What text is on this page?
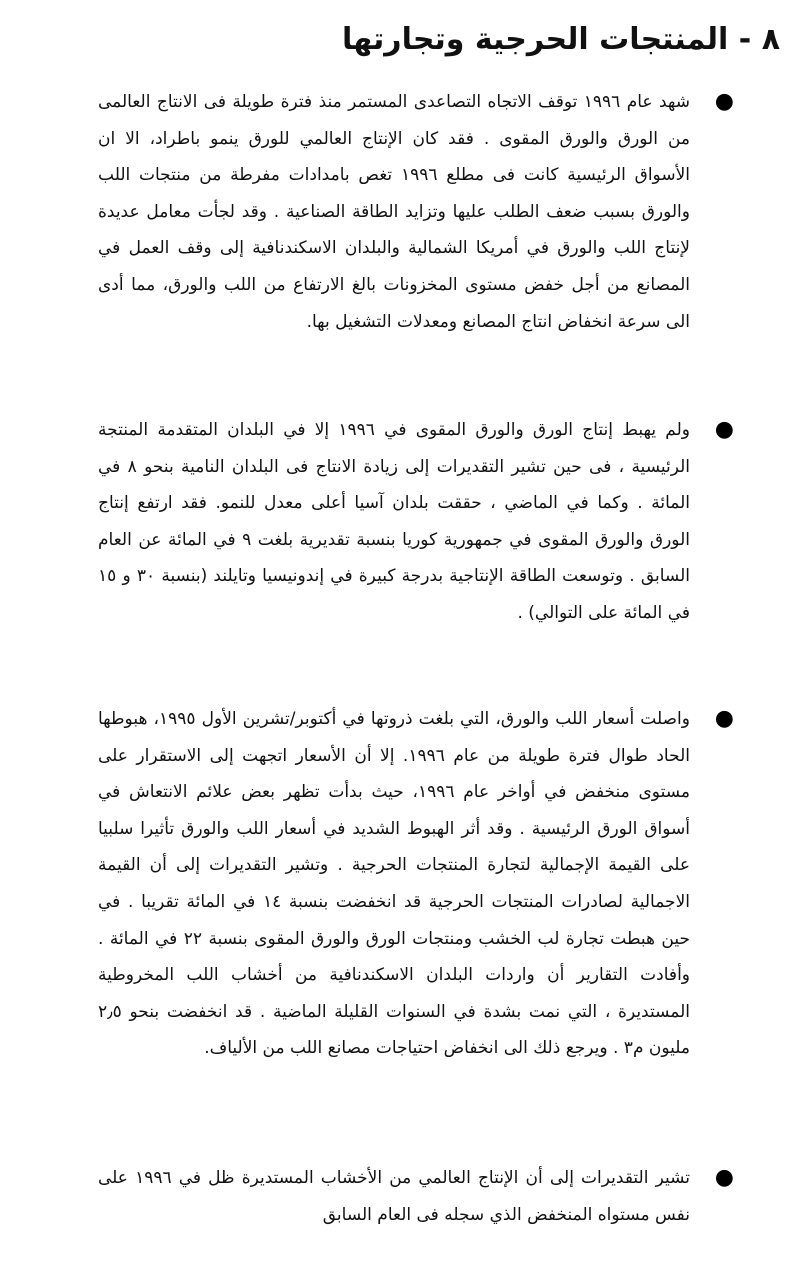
٨ - المنتجات الحرجية وتجارتها

●
شهد عام ١٩٩٦ توقف الاتجاه التصاعدى المستمر منذ فترة طويلة فى الانتاج العالمى من الورق والورق المقوى . فقد كان الإنتاج العالمي للورق ينمو باطراد، الا ان الأسواق الرئيسية كانت فى مطلع ١٩٩٦ تغص بامدادات مفرطة من منتجات اللب والورق بسبب ضعف الطلب عليها وتزايد الطاقة الصناعية . وقد لجأت معامل عديدة لإنتاج اللب والورق في أمريكا الشمالية والبلدان الاسكندنافية إلى وقف العمل في المصانع من أجل خفض مستوى المخزونات بالغ الارتفاع من اللب والورق، مما أدى الى سرعة انخفاض انتاج المصانع ومعدلات التشغيل بها.

●
ولم يهبط إنتاج الورق والورق المقوى في ١٩٩٦ إلا في البلدان المتقدمة المنتجة الرئيسية ، فى حين تشير التقديرات إلى زيادة الانتاج فى البلدان النامية بنحو ٨ في المائة . وكما في الماضي ، حققت بلدان آسيا أعلى معدل للنمو. فقد ارتفع إنتاج الورق والورق المقوى في جمهورية كوريا بنسبة تقديرية بلغت ٩ في المائة عن العام السابق . وتوسعت الطاقة الإنتاجية بدرجة كبيرة في إندونيسيا وتايلند (بنسبة ٣٠ و ١٥ في المائة على التوالي) .

●
واصلت أسعار اللب والورق، التي بلغت ذروتها في أكتوبر/تشرين الأول ١٩٩٥، هبوطها الحاد طوال فترة طويلة من عام ١٩٩٦. إلا أن الأسعار اتجهت إلى الاستقرار على مستوى منخفض في أواخر عام ١٩٩٦، حيث بدأت تظهر بعض علائم الانتعاش في أسواق الورق الرئيسية . وقد أثر الهبوط الشديد في أسعار اللب والورق تأثيرا سلبيا على القيمة الإجمالية لتجارة المنتجات الحرجية . وتشير التقديرات إلى أن القيمة الاجمالية لصادرات المنتجات الحرجية قد انخفضت بنسبة ١٤ في المائة تقريبا . في حين هبطت تجارة لب الخشب ومنتجات الورق والورق المقوى بنسبة ٢٢ في المائة . وأفادت التقارير أن واردات البلدان الاسكندنافية من أخشاب اللب المخروطية المستديرة ، التي نمت بشدة في السنوات القليلة الماضية . قد انخفضت بنحو ٢٫٥ مليون م٣ . ويرجع ذلك الى انخفاض احتياجات مصانع اللب من الألياف.

●
تشير التقديرات إلى أن الإنتاج العالمي من الأخشاب المستديرة ظل في ١٩٩٦ على نفس مستواه المنخفض الذي سجله فى العام السابق
